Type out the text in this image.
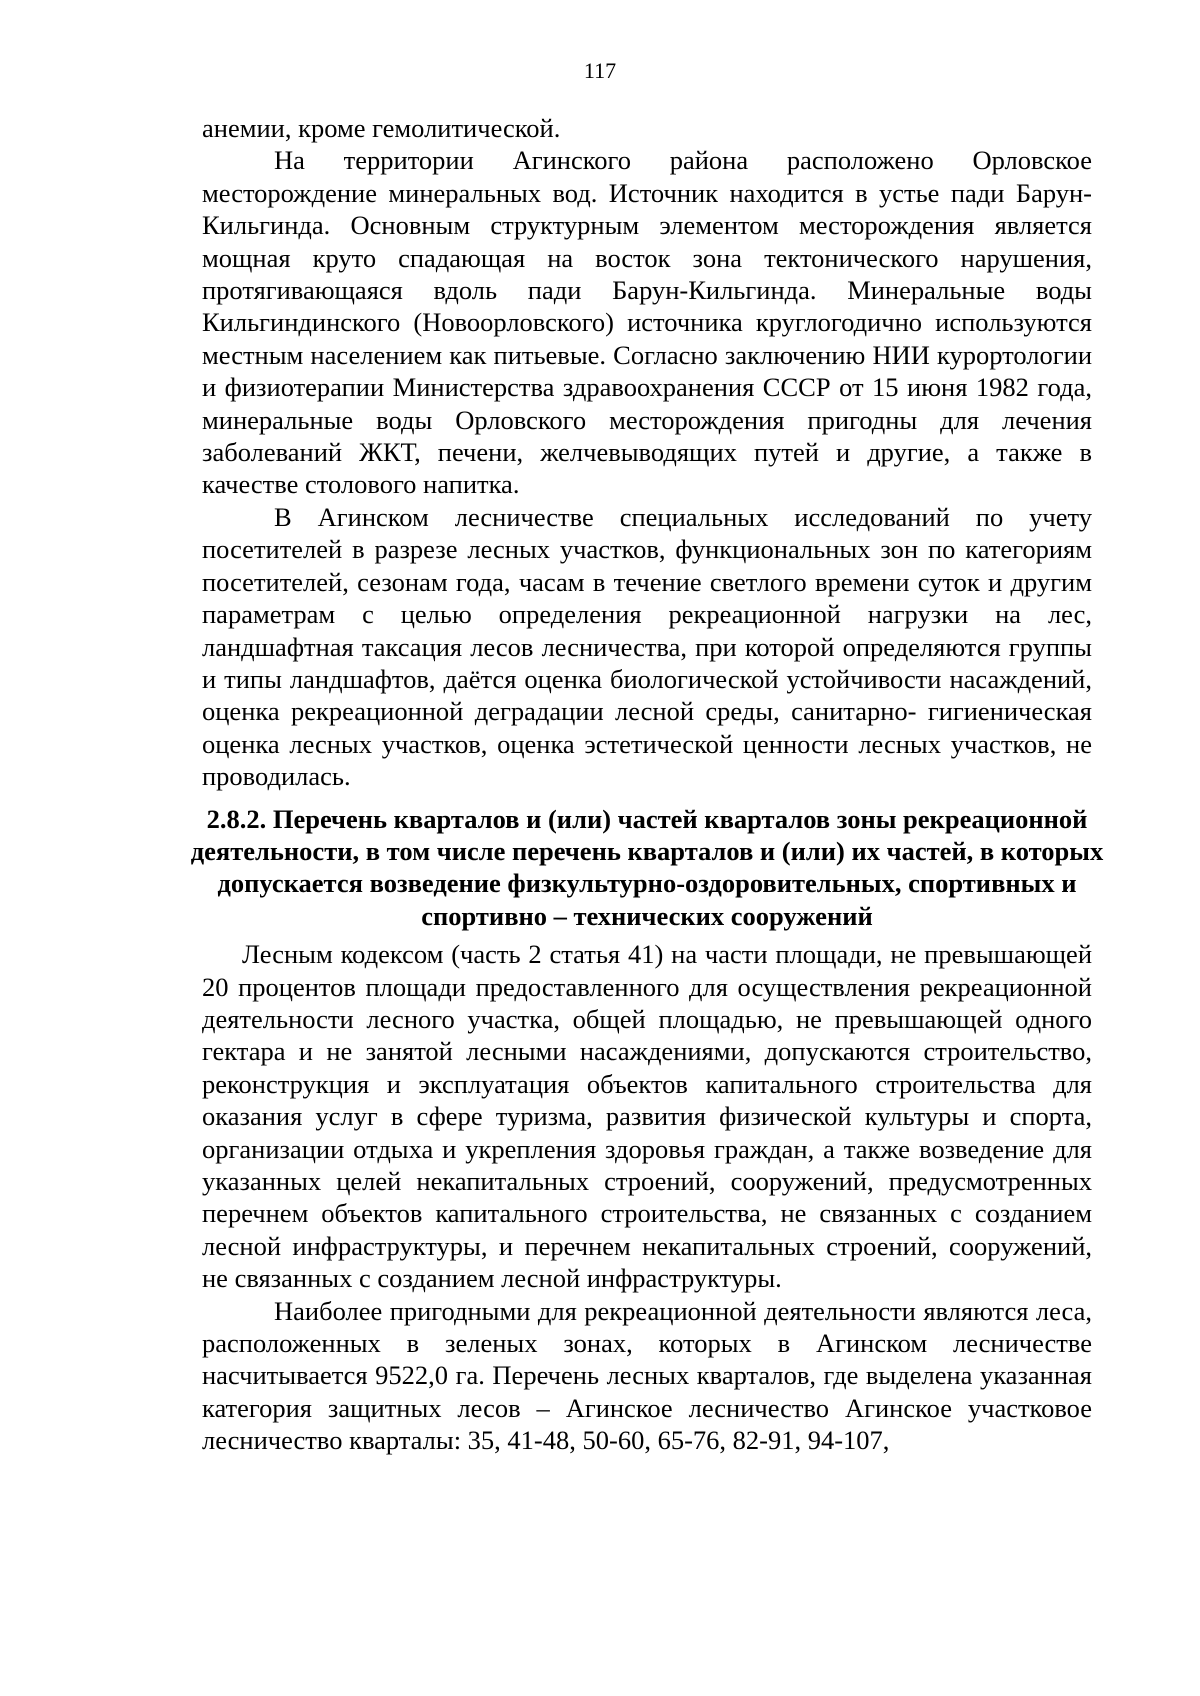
117

анемии, кроме гемолитической.

На территории Агинского района расположено Орловское месторождение минеральных вод. Источник находится в устье пади Барун- Кильгинда. Основным структурным элементом месторождения является мощная круто спадающая на восток зона тектонического нарушения, протягивающаяся вдоль пади Барун-Кильгинда. Минеральные воды Кильгиндинского (Новоорловского) источника круглогодично используются местным населением как питьевые. Согласно заключению НИИ курортологии и физиотерапии Министерства здравоохранения СССР от 15 июня 1982 года, минеральные воды Орловского месторождения пригодны для лечения заболеваний ЖКТ, печени, желчевыводящих путей и другие, а также в качестве столового напитка.

В Агинском лесничестве специальных исследований по учету посетителей в разрезе лесных участков, функциональных зон по категориям посетителей, сезонам года, часам в течение светлого времени суток и другим параметрам с целью определения рекреационной нагрузки на лес, ландшафтная таксация лесов лесничества, при которой определяются группы и типы ландшафтов, даётся оценка биологической устойчивости насаждений, оценка рекреационной деградации лесной среды, санитарно- гигиеническая оценка лесных участков, оценка эстетической ценности лесных участков, не проводилась.

2.8.2. Перечень кварталов и (или) частей кварталов зоны рекреационной деятельности, в том числе перечень кварталов и (или) их частей, в которых допускается возведение физкультурно-оздоровительных, спортивных и спортивно – технических сооружений

Лесным кодексом (часть 2 статья 41) на части площади, не превышающей 20 процентов площади предоставленного для осуществления рекреационной деятельности лесного участка, общей площадью, не превышающей одного гектара и не занятой лесными насаждениями, допускаются строительство, реконструкция и эксплуатация объектов капитального строительства для оказания услуг в сфере туризма, развития физической культуры и спорта, организации отдыха и укрепления здоровья граждан, а также возведение для указанных целей некапитальных строений, сооружений, предусмотренных перечнем объектов капитального строительства, не связанных с созданием лесной инфраструктуры, и перечнем некапитальных строений, сооружений, не связанных с созданием лесной инфраструктуры.

Наиболее пригодными для рекреационной деятельности являются леса, расположенных в зеленых зонах, которых в Агинском лесничестве насчитывается 9522,0 га. Перечень лесных кварталов, где выделена указанная категория защитных лесов – Агинское лесничество Агинское участковое лесничество кварталы: 35, 41-48, 50-60, 65-76, 82-91, 94-107,
